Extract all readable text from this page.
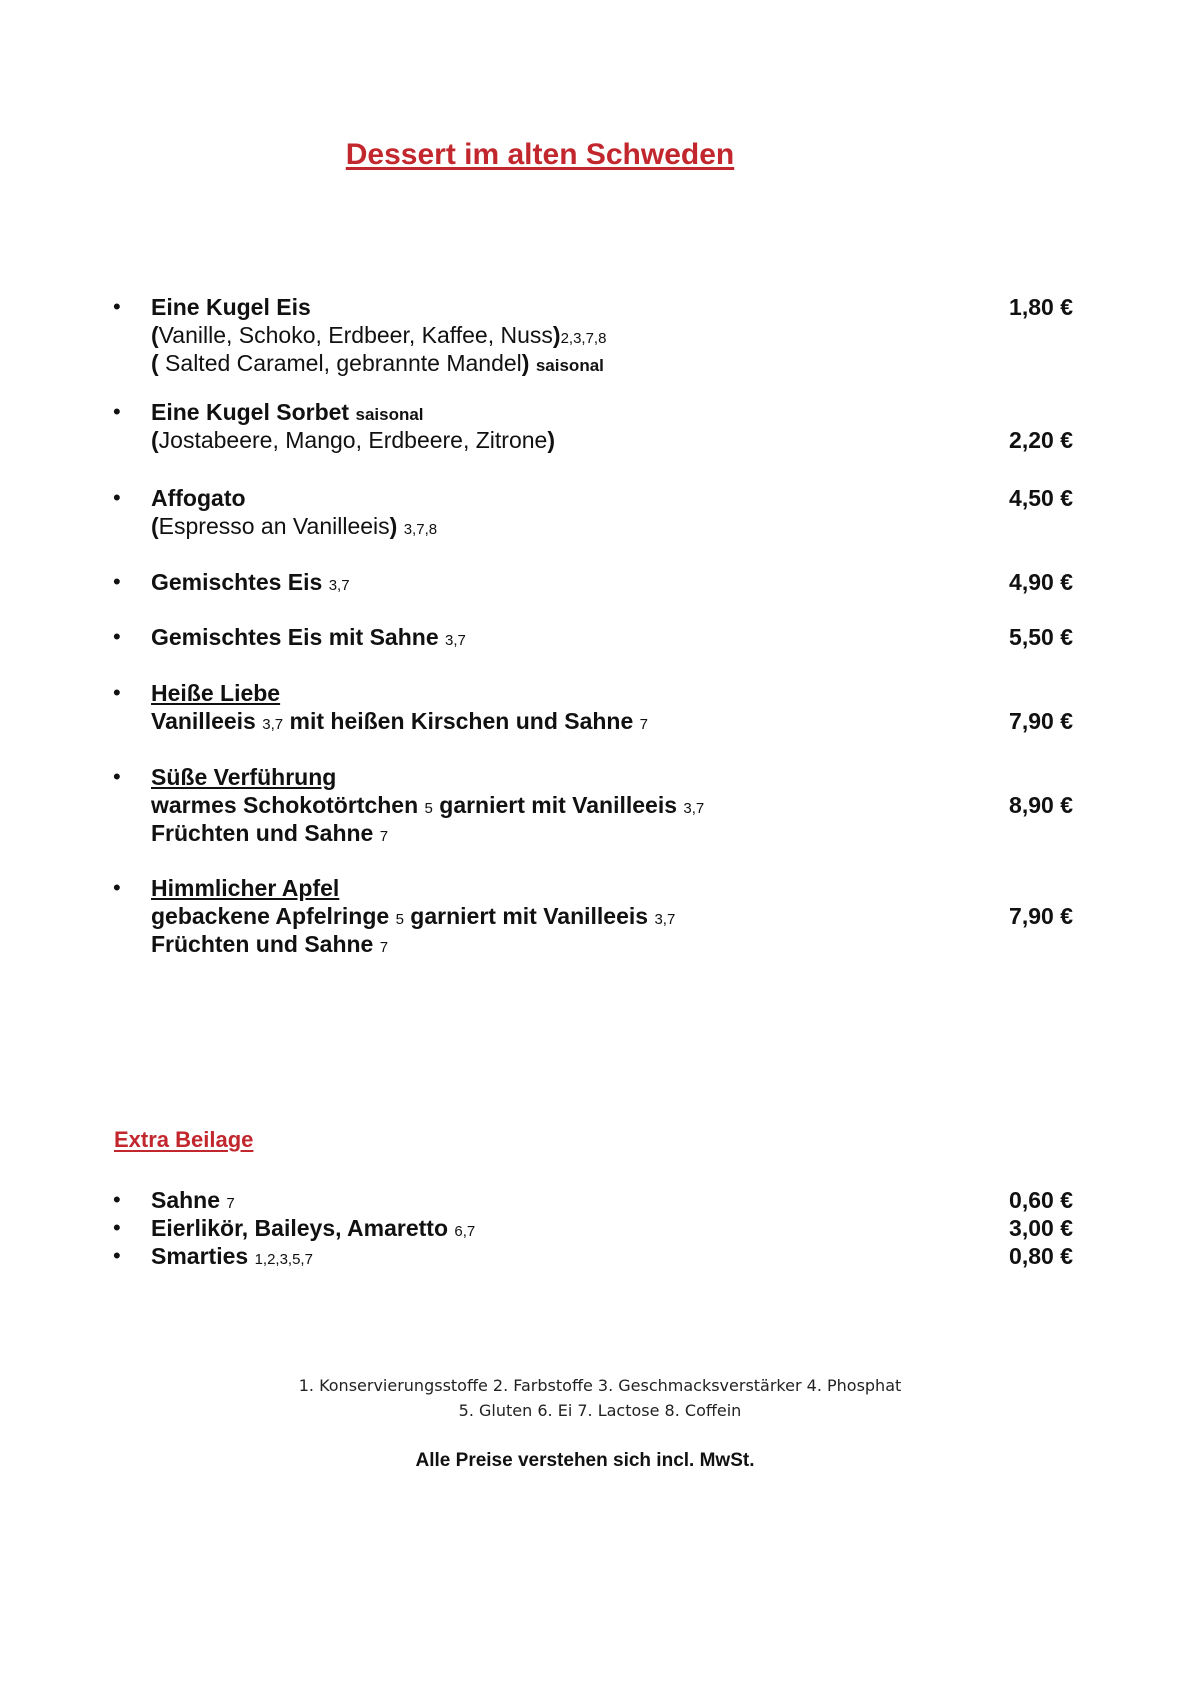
Dessert im alten Schweden
• Eine Kugel Eis
(Vanille, Schoko, Erdbeer, Kaffee, Nuss)2,3,7,8
( Salted Caramel, gebrannte Mandel) saisonal
1,80 €
• Eine Kugel Sorbet saisonal
(Jostabeere, Mango, Erdbeere, Zitrone)	2,20 €
• Affogato
(Espresso an Vanilleeis) 3,7,8
4,50 €
• Gemischtes Eis 3,7	4,90 €
• Gemischtes Eis mit Sahne 3,7	5,50 €
• Heiße Liebe
Vanilleeis 3,7 mit heißen Kirschen und Sahne 7	7,90 €
• Süße Verführung
warmes Schokotörtchen 5 garniert mit Vanilleeis 3,7
Früchten und Sahne 7
8,90 €
• Himmlicher Apfel
gebackene Apfelringe 5 garniert mit Vanilleeis 3,7
Früchten und Sahne 7
7,90 €
Extra Beilage
• Sahne 7	0,60 €
• Eierlikör, Baileys, Amaretto 6,7	3,00 €
• Smarties 1,2,3,5,7	0,80 €
1. Konservierungsstoffe 2. Farbstoffe 3. Geschmacksverstärker 4. Phosphat
5. Gluten 6. Ei 7. Lactose 8. Coffein
Alle Preise verstehen sich incl. MwSt.
